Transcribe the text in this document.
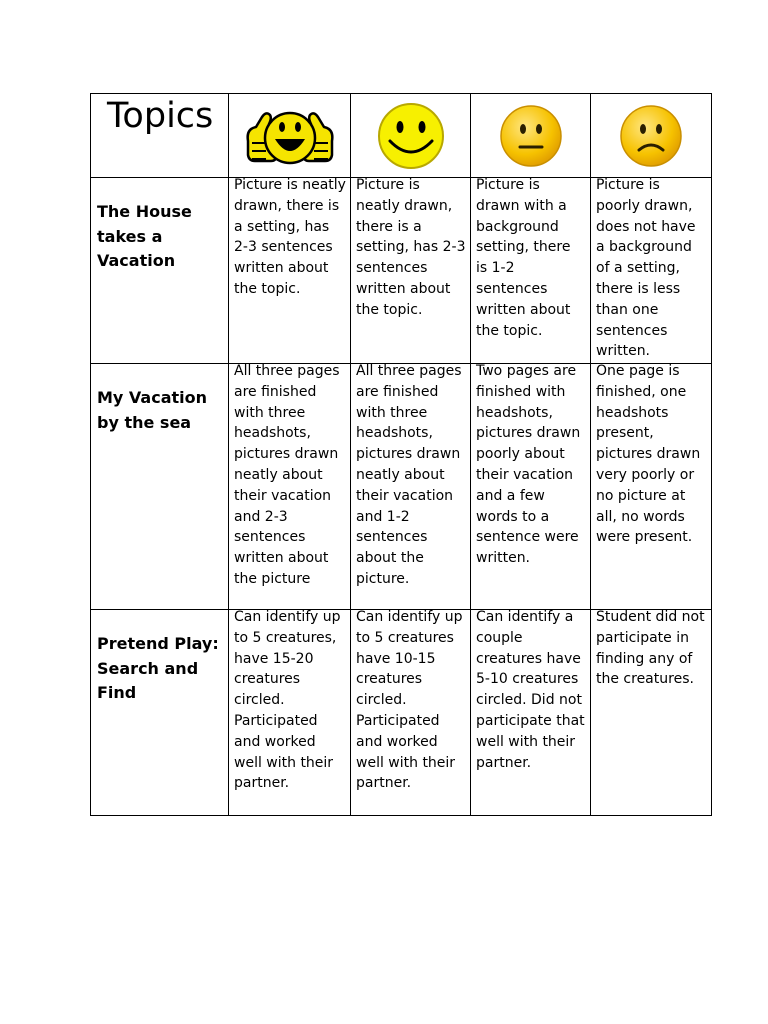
Topics

The House takes a Vacation	Picture is neatly drawn, there is a setting, has 2-3 sentences written about the topic.	Picture is neatly drawn, there is a setting, has 2-3 sentences written about the topic.	Picture is drawn with a background setting, there is 1-2 sentences written about the topic.	Picture is poorly drawn, does not have a background of a setting, there is less than one sentences written.

My Vacation by the sea	All three pages are finished with three headshots, pictures drawn neatly about their vacation and 2-3 sentences written about the picture	All three pages are finished with three headshots, pictures drawn neatly about their vacation and 1-2 sentences about the picture.	Two pages are finished with headshots, pictures drawn poorly about their vacation and a few words to a sentence were written.	One page is finished, one headshots present, pictures drawn very poorly or no picture at all, no words were present.

Pretend Play: Search and Find	Can identify up to 5 creatures, have 15-20 creatures circled. Participated and worked well with their partner.	Can identify up to 5 creatures have 10-15 creatures circled. Participated and worked well with their partner.	Can identify a couple creatures have 5-10 creatures circled. Did not participate that well with their partner.	Student did not participate in finding any of the creatures.
